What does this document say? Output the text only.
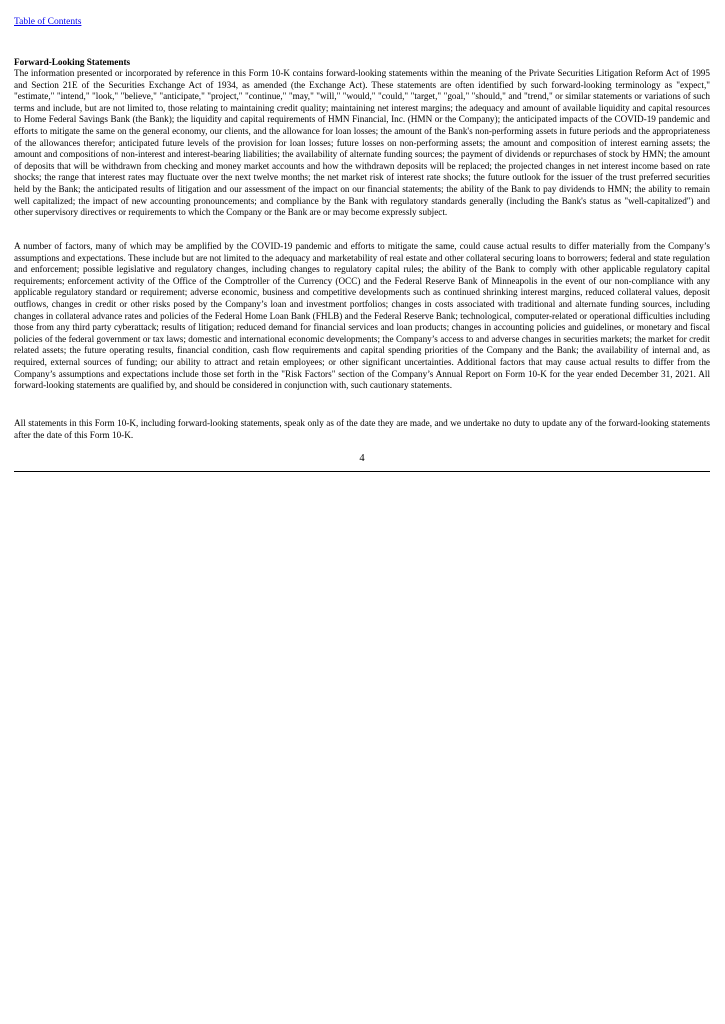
Table of Contents
Forward-Looking Statements

The information presented or incorporated by reference in this Form 10-K contains forward-looking statements within the meaning of the Private Securities Litigation Reform Act of 1995 and Section 21E of the Securities Exchange Act of 1934, as amended (the Exchange Act). These statements are often identified by such forward-looking terminology as "expect," "estimate," "intend," "look," "believe," "anticipate," "project," "continue," "may," "will," "would," "could," "target," "goal," "should," and "trend," or similar statements or variations of such terms and include, but are not limited to, those relating to maintaining credit quality; maintaining net interest margins; the adequacy and amount of available liquidity and capital resources to Home Federal Savings Bank (the Bank); the liquidity and capital requirements of HMN Financial, Inc. (HMN or the Company); the anticipated impacts of the COVID-19 pandemic and efforts to mitigate the same on the general economy, our clients, and the allowance for loan losses; the amount of the Bank's non-performing assets in future periods and the appropriateness of the allowances therefor; anticipated future levels of the provision for loan losses; future losses on non-performing assets; the amount and composition of interest earning assets; the amount and compositions of non-interest and interest-bearing liabilities; the availability of alternate funding sources; the payment of dividends or repurchases of stock by HMN; the amount of deposits that will be withdrawn from checking and money market accounts and how the withdrawn deposits will be replaced; the projected changes in net interest income based on rate shocks; the range that interest rates may fluctuate over the next twelve months; the net market risk of interest rate shocks; the future outlook for the issuer of the trust preferred securities held by the Bank; the anticipated results of litigation and our assessment of the impact on our financial statements; the ability of the Bank to pay dividends to HMN; the ability to remain well capitalized; the impact of new accounting pronouncements; and compliance by the Bank with regulatory standards generally (including the Bank's status as "well-capitalized") and other supervisory directives or requirements to which the Company or the Bank are or may become expressly subject.

A number of factors, many of which may be amplified by the COVID-19 pandemic and efforts to mitigate the same, could cause actual results to differ materially from the Company’s assumptions and expectations. These include but are not limited to the adequacy and marketability of real estate and other collateral securing loans to borrowers; federal and state regulation and enforcement; possible legislative and regulatory changes, including changes to regulatory capital rules; the ability of the Bank to comply with other applicable regulatory capital requirements; enforcement activity of the Office of the Comptroller of the Currency (OCC) and the Federal Reserve Bank of Minneapolis in the event of our non-compliance with any applicable regulatory standard or requirement; adverse economic, business and competitive developments such as continued shrinking interest margins, reduced collateral values, deposit outflows, changes in credit or other risks posed by the Company’s loan and investment portfolios; changes in costs associated with traditional and alternate funding sources, including changes in collateral advance rates and policies of the Federal Home Loan Bank (FHLB) and the Federal Reserve Bank; technological, computer-related or operational difficulties including those from any third party cyberattack; results of litigation; reduced demand for financial services and loan products; changes in accounting policies and guidelines, or monetary and fiscal policies of the federal government or tax laws; domestic and international economic developments; the Company’s access to and adverse changes in securities markets; the market for credit related assets; the future operating results, financial condition, cash flow requirements and capital spending priorities of the Company and the Bank; the availability of internal and, as required, external sources of funding; our ability to attract and retain employees; or other significant uncertainties. Additional factors that may cause actual results to differ from the Company’s assumptions and expectations include those set forth in the "Risk Factors" section of the Company’s Annual Report on Form 10-K for the year ended December 31, 2021. All forward-looking statements are qualified by, and should be considered in conjunction with, such cautionary statements.

All statements in this Form 10-K, including forward-looking statements, speak only as of the date they are made, and we undertake no duty to update any of the forward-looking statements after the date of this Form 10-K.

4
